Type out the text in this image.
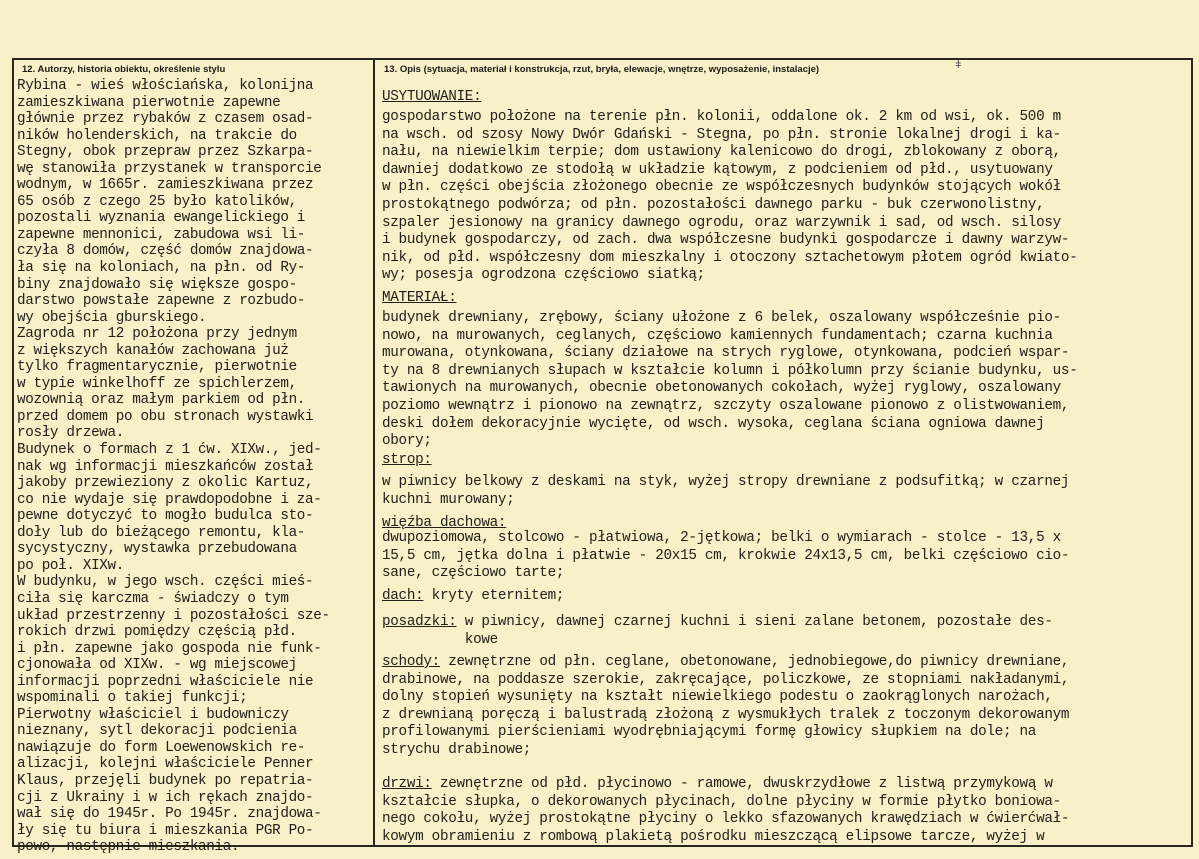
12. Autorzy, historia obiektu, określenie stylu	13. Opis (sytuacja, materiał i konstrukcja, rzut, bryła, elewacje, wnętrze, wyposażenie, instalacje)	ǂ
Rybina - wieś włościańska, kolonijna
zamieszkiwana pierwotnie zapewne
głównie przez rybaków z czasem osad-
ników holenderskich, na trakcie do
Stegny, obok przepraw przez Szkarpa-
wę stanowiła przystanek w transporcie
wodnym, w 1665r. zamieszkiwana przez
65 osób z czego 25 było katolików,
pozostali wyznania ewangelickiego i
zapewne mennonici, zabudowa wsi li-
czyła 8 domów, część domów znajdowa-
ła się na koloniach, na płn. od Ry-
biny znajdowało się większe gospo-
darstwo powstałe zapewne z rozbudo-
wy obejścia gburskiego.
Zagroda nr 12 położona przy jednym
z większych kanałów zachowana już
tylko fragmentarycznie, pierwotnie
w typie winkelhoff ze spichlerzem,
wozownią oraz małym parkiem od płn.
przed domem po obu stronach wystawki
rosły drzewa.
Budynek o formach z 1 ćw. XIXw., jed-
nak wg informacji mieszkańców został
jakoby przewieziony z okolic Kartuz,
co nie wydaje się prawdopodobne i za-
pewne dotyczyć to mogło budulca sto-
doły lub do bieżącego remontu, kla-
sycystyczny, wystawka przebudowana
po poł. XIXw.
W budynku, w jego wsch. części mieś-
ciła się karczma - świadczy o tym
układ przestrzenny i pozostałości sze-
rokich drzwi pomiędzy częścią płd.
i płn. zapewne jako gospoda nie funk-
cjonowała od XIXw. - wg miejscowej
informacji poprzedni właściciele nie
wspominali o takiej funkcji;
Pierwotny właściciel i budowniczy
nieznany, sytl dekoracji podcienia
nawiązuje do form Loewenowskich re-
alizacji, kolejni właściciele Penner
Klaus, przejęli budynek po repatria-
cji z Ukrainy i w ich rękach znajdo-
wał się do 1945r. Po 1945r. znajdowa-
ły się tu biura i mieszkania PGR Po-
powo, następnie mieszkania.
USYTUOWANIE:
gospodarstwo położone na terenie płn. kolonii, oddalone ok. 2 km od wsi, ok. 500 m
na wsch. od szosy Nowy Dwór Gdański - Stegna, po płn. stronie lokalnej drogi i ka-
nału, na niewielkim terpie; dom ustawiony kalenicowo do drogi, zblokowany z oborą,
dawniej dodatkowo ze stodołą w układzie kątowym, z podcieniem od płd., usytuowany
w płn. części obejścia złożonego obecnie ze współczesnych budynków stojących wokół
prostokątnego podwórza; od płn. pozostałości dawnego parku - buk czerwonolistny,
szpaler jesionowy na granicy dawnego ogrodu, oraz warzywnik i sad, od wsch. silosy
i budynek gospodarczy, od zach. dwa współczesne budynki gospodarcze i dawny warzyw-
nik, od płd. współczesny dom mieszkalny i otoczony sztachetowym płotem ogród kwiato-
wy; posesja ogrodzona częściowo siatką;
MATERIAŁ:
budynek drewniany, zrębowy, ściany ułożone z 6 belek, oszalowany współcześnie pio-
nowo, na murowanych, ceglanych, częściowo kamiennych fundamentach; czarna kuchnia
murowana, otynkowana, ściany działowe na strych ryglowe, otynkowana, podcień wspar-
ty na 8 drewnianych słupach w kształcie kolumn i półkolumn przy ścianie budynku, us-
tawionych na murowanych, obecnie obetonowanych cokołach, wyżej ryglowy, oszalowany
poziomo wewnątrz i pionowo na zewnątrz, szczyty oszalowane pionowo z olistwowaniem,
deski dołem dekoracyjnie wycięte, od wsch. wysoka, ceglana ściana ogniowa dawnej
obory;
strop:
w piwnicy belkowy z deskami na styk, wyżej stropy drewniane z podsufitką; w czarnej
kuchni murowany;
więźba dachowa:
dwupoziomowa, stolcowo - płatwiowa, 2-jętkowa; belki o wymiarach - stolce - 13,5 x
15,5 cm, jętka dolna i płatwie - 20x15 cm, krokwie 24x13,5 cm, belki częściowo cio-
sane, częściowo tarte;
dach: kryty eternitem;
posadzki: w piwnicy, dawnej czarnej kuchni i sieni zalane betonem, pozostałe des-
kowe
schody: zewnętrzne od płn. ceglane, obetonowane, jednobiegowe,do piwnicy drewniane,
drabinowe, na poddasze szerokie, zakręcające, policzkowe, ze stopniami nakładanymi,
dolny stopień wysunięty na kształt niewielkiego podestu o zaokrąglonych narożach,
z drewnianą poręczą i balustradą złożoną z wysmukłych tralek z toczonym dekorowanym
profilowanymi pierścieniami wyodrębniającymi formę głowicy słupkiem na dole; na
strychu drabinowe;
drzwi: zewnętrzne od płd. płycinowo - ramowe, dwuskrzydłowe z listwą przymykową w
kształcie słupka, o dekorowanych płycinach, dolne płyciny w formie płytko boniowa-
nego cokołu, wyżej prostokątne płyciny o lekko sfazowanych krawędziach w ćwierćwał-
kowym obramieniu z rombową plakietą pośrodku mieszczącą elipsowe tarcze, wyżej w
